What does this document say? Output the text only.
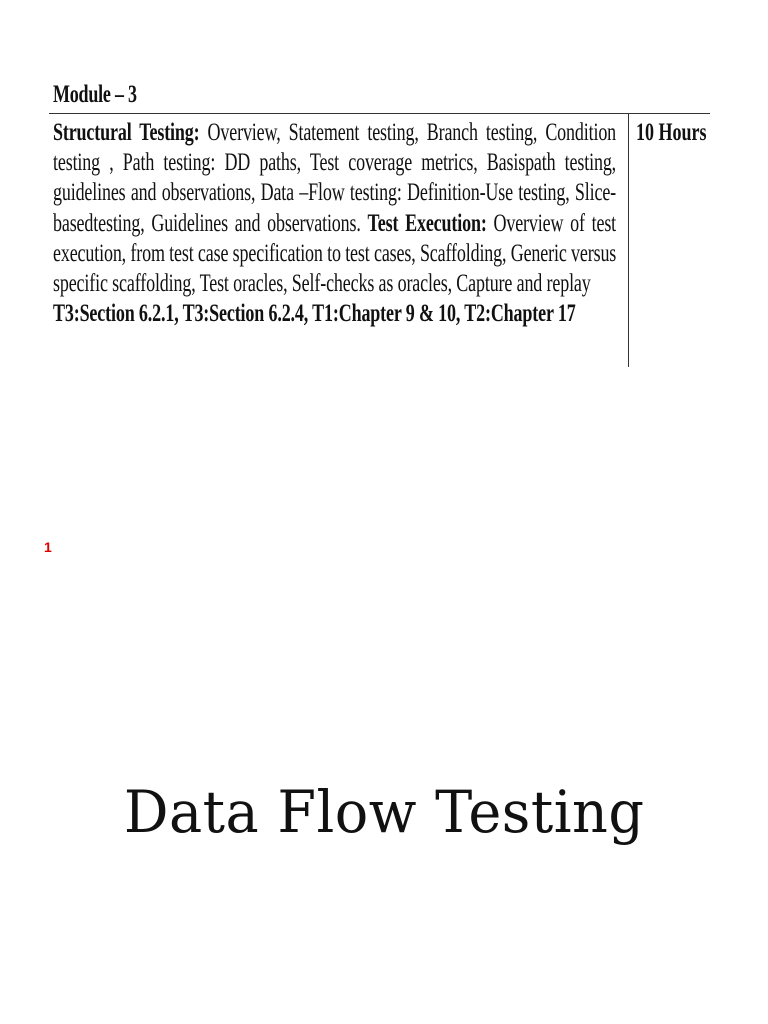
Module – 3
Structural Testing: Overview, Statement testing, Branch testing, Condition
testing , Path testing: DD paths, Test coverage metrics, Basispath testing,
guidelines and observations, Data –Flow testing: Definition-Use testing, Slice-
basedtesting, Guidelines and observations. Test Execution: Overview of test
execution, from test case specification to test cases, Scaffolding, Generic versus
specific scaffolding, Test oracles, Self-checks as oracles, Capture and replay
T3:Section 6.2.1, T3:Section 6.2.4, T1:Chapter 9 & 10, T2:Chapter 17
10 Hours
1
Data Flow Testing
